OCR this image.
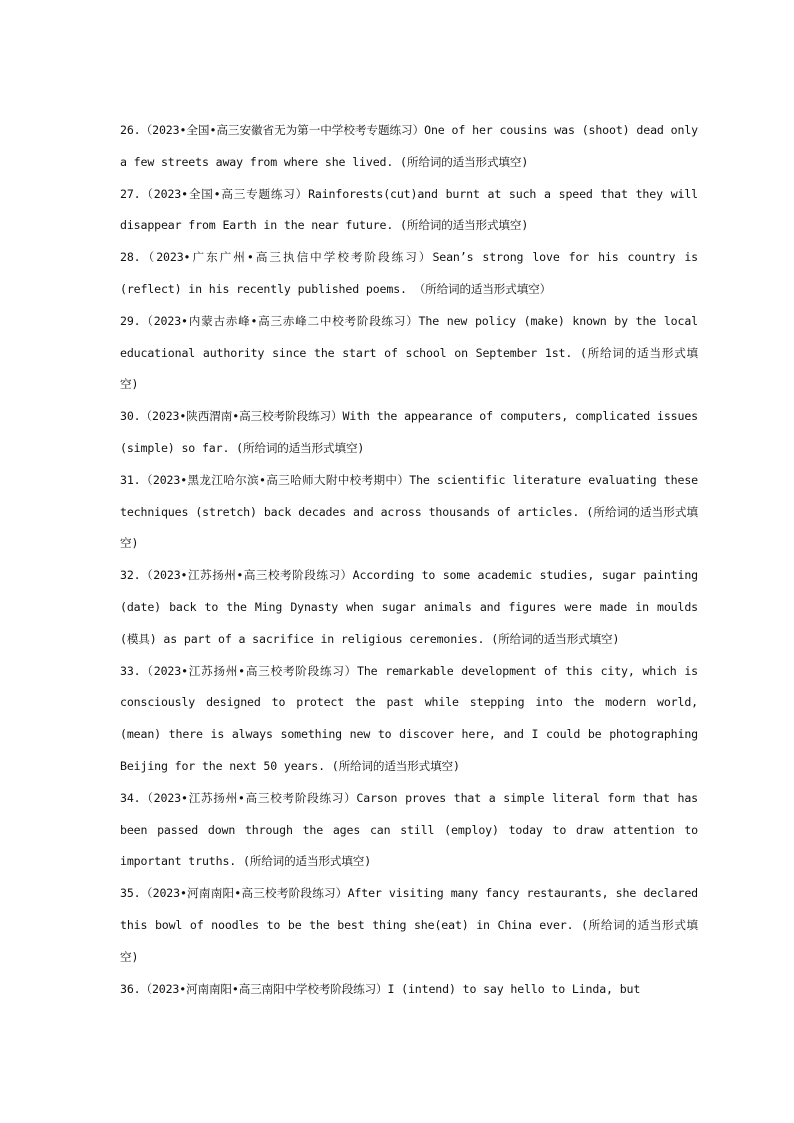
26.（2023•全国•高三安徽省无为第一中学校考专题练习）One of her cousins was (shoot) dead only a few streets away from where she lived. (所给词的适当形式填空)

27.（2023•全国•高三专题练习）Rainforests(cut)and burnt at such a speed that they will disappear from Earth in the near future. (所给词的适当形式填空)

28.（2023•广东广州•高三执信中学校考阶段练习）Sean’s strong love for his country is (reflect) in his recently published poems. （所给词的适当形式填空）

29.（2023•内蒙古赤峰•高三赤峰二中校考阶段练习）The new policy (make) known by the local educational authority since the start of school on September 1st. (所给词的适当形式填空)

30.（2023•陕西渭南•高三校考阶段练习）With the appearance of computers, complicated issues (simple) so far. (所给词的适当形式填空)

31.（2023•黑龙江哈尔滨•高三哈师大附中校考期中）The scientific literature evaluating these techniques (stretch) back decades and across thousands of articles. (所给词的适当形式填空)

32.（2023•江苏扬州•高三校考阶段练习）According to some academic studies, sugar painting (date) back to the Ming Dynasty when sugar animals and figures were made in moulds (模具) as part of a sacrifice in religious ceremonies. (所给词的适当形式填空)

33.（2023•江苏扬州•高三校考阶段练习）The remarkable development of this city, which is consciously designed to protect the past while stepping into the modern world, (mean) there is always something new to discover here, and I could be photographing Beijing for the next 50 years. (所给词的适当形式填空)

34.（2023•江苏扬州•高三校考阶段练习）Carson proves that a simple literal form that has been passed down through the ages can still (employ) today to draw attention to important truths. (所给词的适当形式填空)

35.（2023•河南南阳•高三校考阶段练习）After visiting many fancy restaurants, she declared this bowl of noodles to be the best thing she(eat) in China ever. (所给词的适当形式填空)

36.（2023•河南南阳•高三南阳中学校考阶段练习）I (intend) to say hello to Linda, but
